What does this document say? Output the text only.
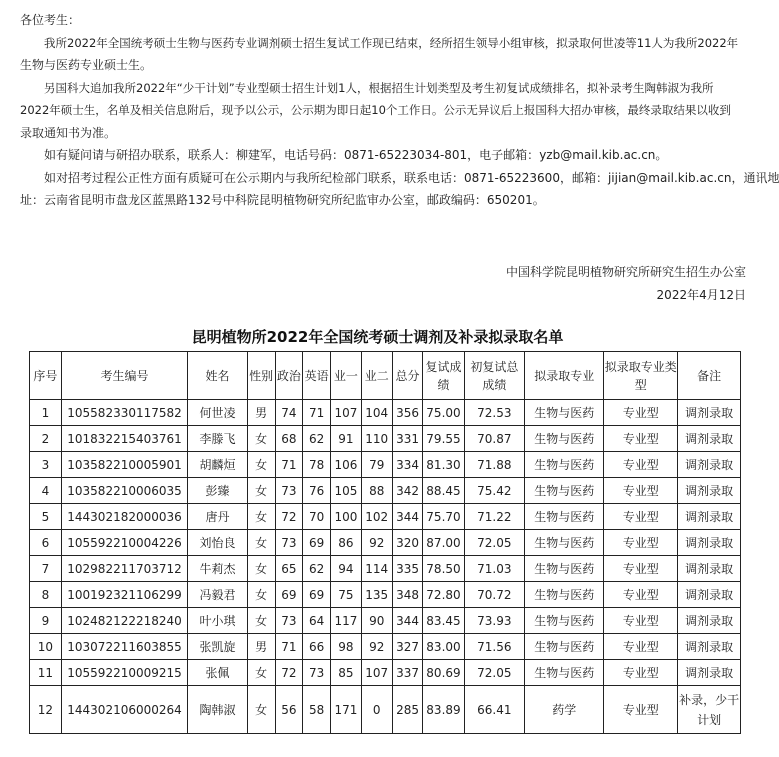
各位考生：

我所2022年全国统考硕士生物与医药专业调剂硕士招生复试工作现已结束，经所招生领导小组审核，拟录取何世凌等11人为我所2022年

生物与医药专业硕士生。

另国科大追加我所2022年“少干计划”专业型硕士招生计划1人，根据招生计划类型及考生初复试成绩排名，拟补录考生陶韩淑为我所

2022年硕士生，名单及相关信息附后，现予以公示，公示期为即日起10个工作日。公示无异议后上报国科大招办审核，最终录取结果以收到

录取通知书为准。

如有疑问请与研招办联系，联系人：柳建军，电话号码：0871-65223034-801，电子邮箱：yzb@mail.kib.ac.cn。

如对招考过程公正性方面有质疑可在公示期内与我所纪检部门联系，联系电话：0871-65223600，邮箱：jijian@mail.kib.ac.cn，通讯地

址：云南省昆明市盘龙区蓝黑路132号中科院昆明植物研究所纪监审办公室，邮政编码：650201。

中国科学院昆明植物研究所研究生招生办公室
2022年4月12日
昆明植物所2022年全国统考硕士调剂及补录拟录取名单
序号	考生编号	姓名	性别	政治	英语	业一	业二	总分	复试成绩	初复试总成绩	拟录取专业	拟录取专业类型	备注
1	105582330117582	何世凌	男	74	71	107	104	356	75.00	72.53	生物与医药	专业型	调剂录取
2	101832215403761	李滕飞	女	68	62	91	110	331	79.55	70.87	生物与医药	专业型	调剂录取
3	103582210005901	胡麟烜	女	71	78	106	79	334	81.30	71.88	生物与医药	专业型	调剂录取
4	103582210006035	彭臻	女	73	76	105	88	342	88.45	75.42	生物与医药	专业型	调剂录取
5	144302182000036	唐丹	女	72	70	100	102	344	75.70	71.22	生物与医药	专业型	调剂录取
6	105592210004226	刘怡良	女	73	69	86	92	320	87.00	72.05	生物与医药	专业型	调剂录取
7	102982211703712	牛莉杰	女	65	62	94	114	335	78.50	71.03	生物与医药	专业型	调剂录取
8	100192321106299	冯毅君	女	69	69	75	135	348	72.80	70.72	生物与医药	专业型	调剂录取
9	102482122218240	叶小琪	女	73	64	117	90	344	83.45	73.93	生物与医药	专业型	调剂录取
10	103072211603855	张凯旋	男	71	66	98	92	327	83.00	71.56	生物与医药	专业型	调剂录取
11	105592210009215	张佩	女	72	73	85	107	337	80.69	72.05	生物与医药	专业型	调剂录取
12	144302106000264	陶韩淑	女	56	58	171	0	285	83.89	66.41	药学	专业型	补录，少干计划
